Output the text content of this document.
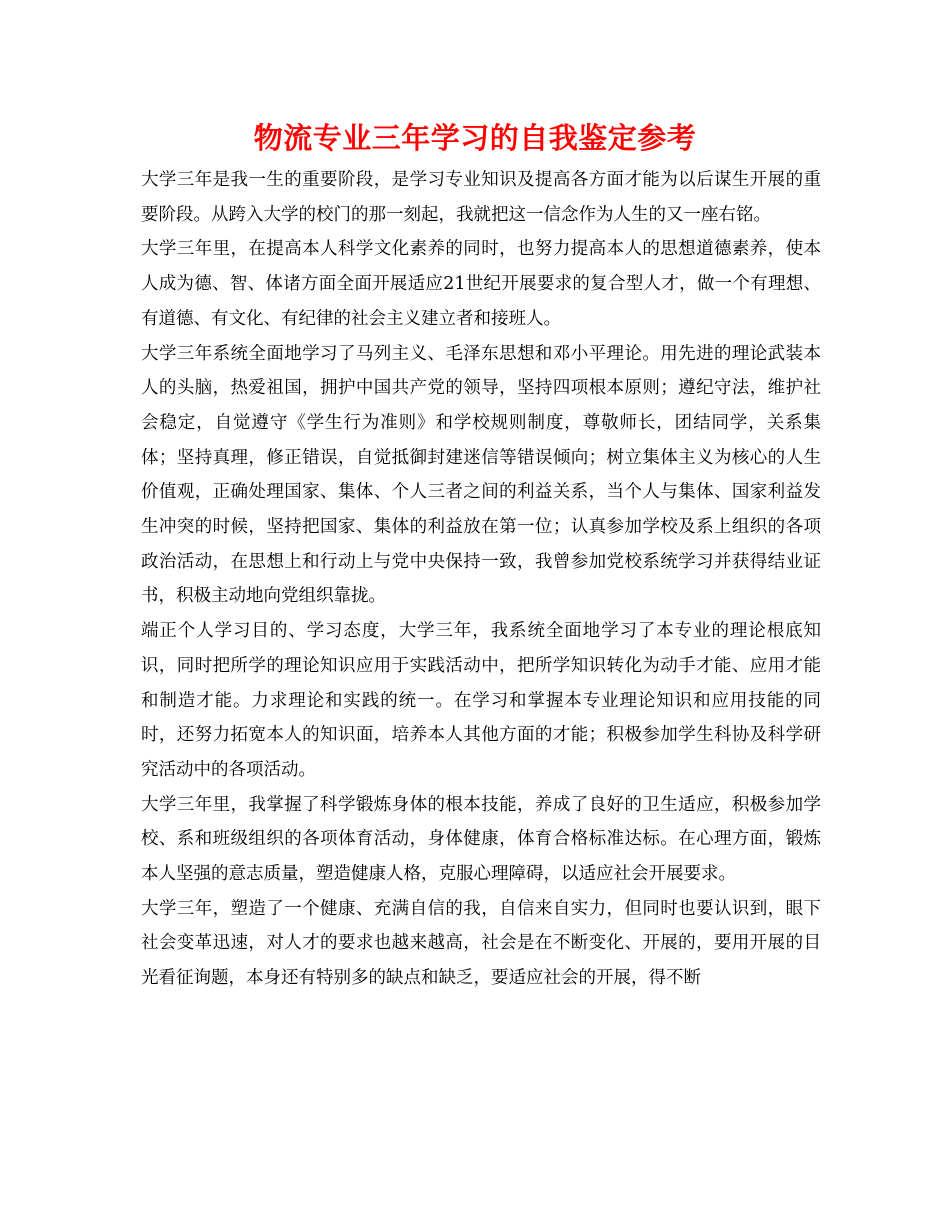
物流专业三年学习的自我鉴定参考

大学三年是我一生的重要阶段，是学习专业知识及提高各方面才能为以后谋生开展的重要阶段。从跨入大学的校门的那一刻起，我就把这一信念作为人生的又一座右铭。

大学三年里，在提高本人科学文化素养的同时，也努力提高本人的思想道德素养，使本人成为德、智、体诸方面全面开展适应21世纪开展要求的复合型人才，做一个有理想、有道德、有文化、有纪律的社会主义建立者和接班人。

大学三年系统全面地学习了马列主义、毛泽东思想和邓小平理论。用先进的理论武装本人的头脑，热爱祖国，拥护中国共产党的领导，坚持四项根本原则；遵纪守法，维护社会稳定，自觉遵守《学生行为准则》和学校规则制度，尊敬师长，团结同学，关系集体；坚持真理，修正错误，自觉抵御封建迷信等错误倾向；树立集体主义为核心的人生价值观，正确处理国家、集体、个人三者之间的利益关系，当个人与集体、国家利益发生冲突的时候，坚持把国家、集体的利益放在第一位；认真参加学校及系上组织的各项政治活动，在思想上和行动上与党中央保持一致，我曾参加党校系统学习并获得结业证书，积极主动地向党组织靠拢。

端正个人学习目的、学习态度，大学三年，我系统全面地学习了本专业的理论根底知识，同时把所学的理论知识应用于实践活动中，把所学知识转化为动手才能、应用才能和制造才能。力求理论和实践的统一。在学习和掌握本专业理论知识和应用技能的同时，还努力拓宽本人的知识面，培养本人其他方面的才能；积极参加学生科协及科学研究活动中的各项活动。

大学三年里，我掌握了科学锻炼身体的根本技能，养成了良好的卫生适应，积极参加学校、系和班级组织的各项体育活动，身体健康，体育合格标准达标。在心理方面，锻炼本人坚强的意志质量，塑造健康人格，克服心理障碍，以适应社会开展要求。

大学三年，塑造了一个健康、充满自信的我，自信来自实力，但同时也要认识到，眼下社会变革迅速，对人才的要求也越来越高，社会是在不断变化、开展的，要用开展的目光看征询题，本身还有特别多的缺点和缺乏，要适应社会的开展，得不断
